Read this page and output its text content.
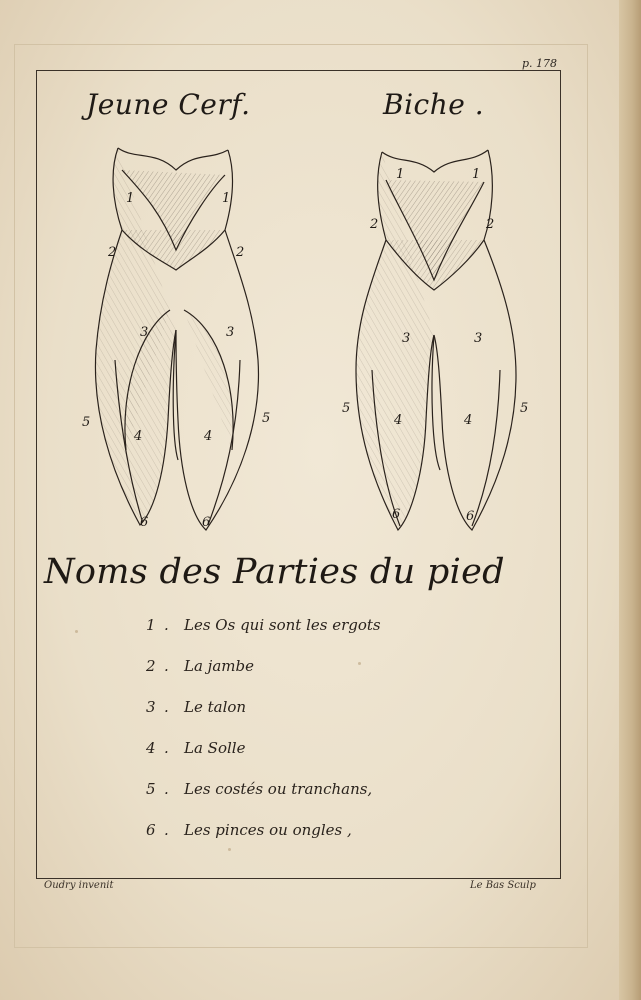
p. 178
Jeune Cerf.	Biche .
1	1
2	2
3	3
4	4
5	5
6	6
1	1
2	2
3	3
4	4
5	5
6	6
Noms des Parties du pied
1 .	Les Os qui sont les ergots
2 .	La jambe
3 .	Le talon
4 .	La Solle
5 .	Les costés ou tranchans,
6 .	Les pinces ou ongles ,
Oudry invenit	Le Bas Sculp
